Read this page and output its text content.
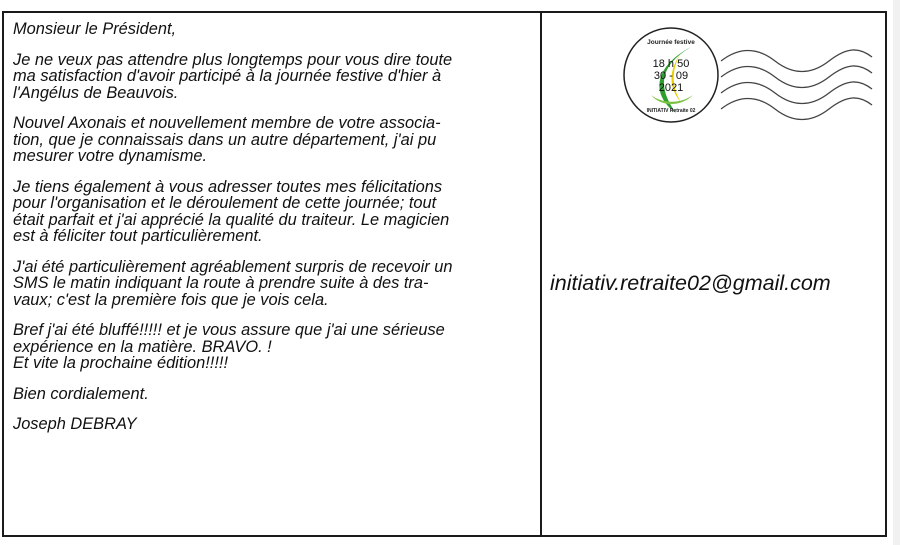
Monsieur le Président,

Je ne veux pas attendre plus longtemps pour vous dire toute
ma satisfaction d'avoir participé à la journée festive d'hier à
l'Angélus de Beauvois.

Nouvel Axonais et nouvellement membre de votre associa-
tion, que je connaissais dans un autre département, j'ai pu
mesurer votre dynamisme.

Je tiens également à vous adresser toutes mes félicitations
pour l'organisation et le déroulement de cette journée; tout
était parfait et j'ai apprécié la qualité du traiteur. Le magicien
est à féliciter tout particulièrement.

J'ai été particulièrement agréablement surpris de recevoir un
SMS le matin indiquant la route à prendre suite à des tra-
vaux; c'est la première fois que je vois cela.

Bref j'ai été bluffé!!!!! et je vous assure que j'ai une sérieuse
expérience en la matière. BRAVO. !
Et vite la prochaine édition!!!!!

Bien cordialement.

Joseph DEBRAY

Journée festive
18 h 50
30 - 09
2021
INITIATIV Retraite 02
initiativ.retraite02@gmail.com
